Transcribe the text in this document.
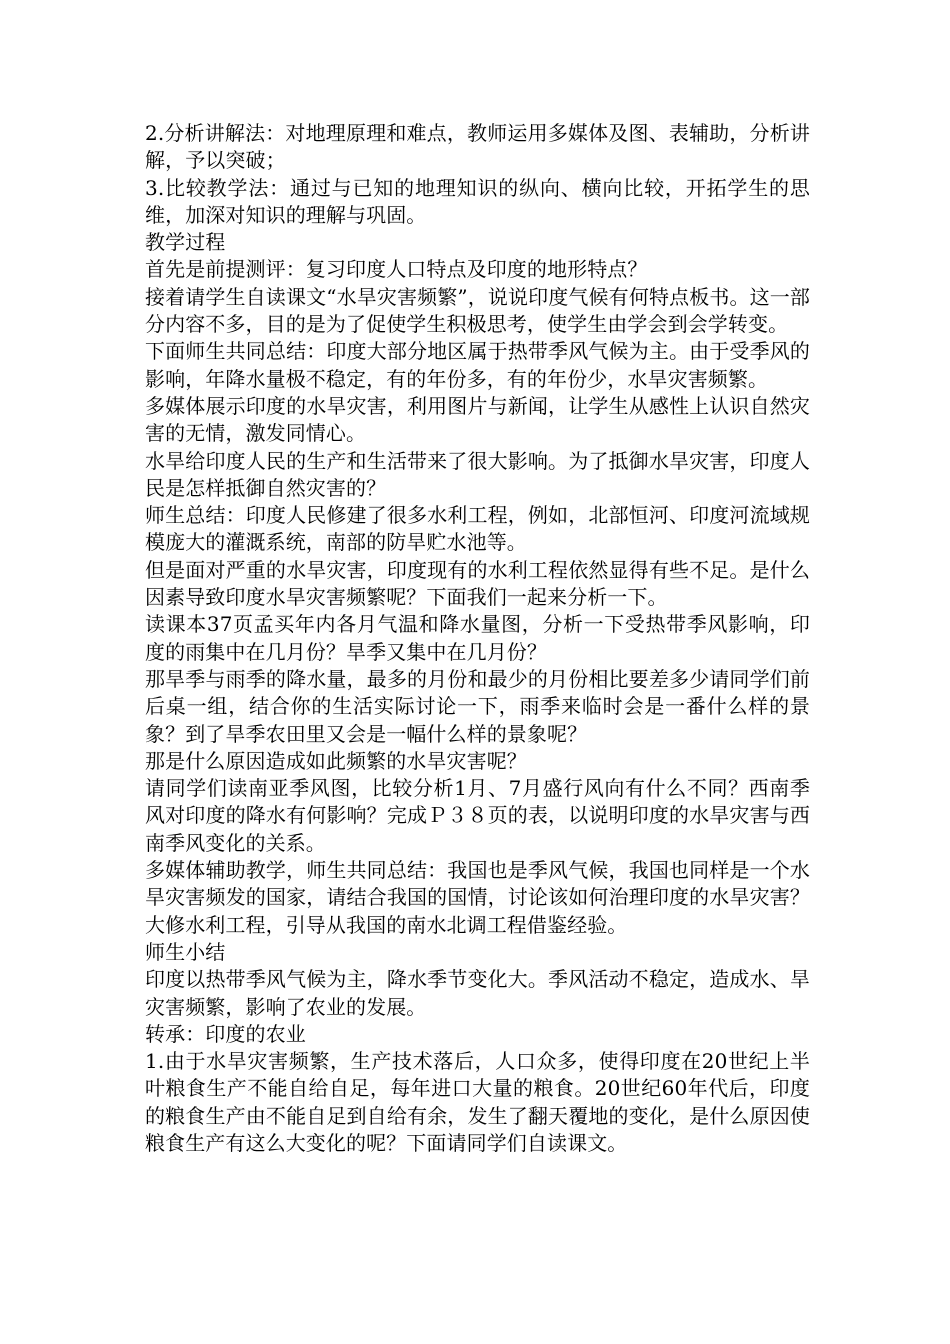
2.分析讲解法：对地理原理和难点，教师运用多媒体及图、表辅助，分析讲解，予以突破；

3.比较教学法：通过与已知的地理知识的纵向、横向比较，开拓学生的思维，加深对知识的理解与巩固。

教学过程

首先是前提测评：复习印度人口特点及印度的地形特点？

接着请学生自读课文“水旱灾害频繁”，说说印度气候有何特点板书。这一部分内容不多，目的是为了促使学生积极思考，使学生由学会到会学转变。

下面师生共同总结：印度大部分地区属于热带季风气候为主。由于受季风的影响，年降水量极不稳定，有的年份多，有的年份少，水旱灾害频繁。

多媒体展示印度的水旱灾害，利用图片与新闻，让学生从感性上认识自然灾害的无情，激发同情心。

水旱给印度人民的生产和生活带来了很大影响。为了抵御水旱灾害，印度人民是怎样抵御自然灾害的？

师生总结：印度人民修建了很多水利工程，例如，北部恒河、印度河流域规模庞大的灌溉系统，南部的防旱贮水池等。

但是面对严重的水旱灾害，印度现有的水利工程依然显得有些不足。是什么因素导致印度水旱灾害频繁呢？下面我们一起来分析一下。

读课本37页孟买年内各月气温和降水量图，分析一下受热带季风影响，印度的雨集中在几月份？旱季又集中在几月份？

那旱季与雨季的降水量，最多的月份和最少的月份相比要差多少请同学们前后桌一组，结合你的生活实际讨论一下，雨季来临时会是一番什么样的景象？到了旱季农田里又会是一幅什么样的景象呢？

那是什么原因造成如此频繁的水旱灾害呢？

请同学们读南亚季风图，比较分析1月、7月盛行风向有什么不同？西南季风对印度的降水有何影响？完成Ｐ３８页的表，以说明印度的水旱灾害与西南季风变化的关系。

多媒体辅助教学，师生共同总结：我国也是季风气候，我国也同样是一个水旱灾害频发的国家，请结合我国的国情，讨论该如何治理印度的水旱灾害？大修水利工程，引导从我国的南水北调工程借鉴经验。

师生小结

印度以热带季风气候为主，降水季节变化大。季风活动不稳定，造成水、旱灾害频繁，影响了农业的发展。

转承：印度的农业

1.由于水旱灾害频繁，生产技术落后，人口众多，使得印度在20世纪上半叶粮食生产不能自给自足，每年进口大量的粮食。20世纪60年代后，印度的粮食生产由不能自足到自给有余，发生了翻天覆地的变化，是什么原因使粮食生产有这么大变化的呢？下面请同学们自读课文。
